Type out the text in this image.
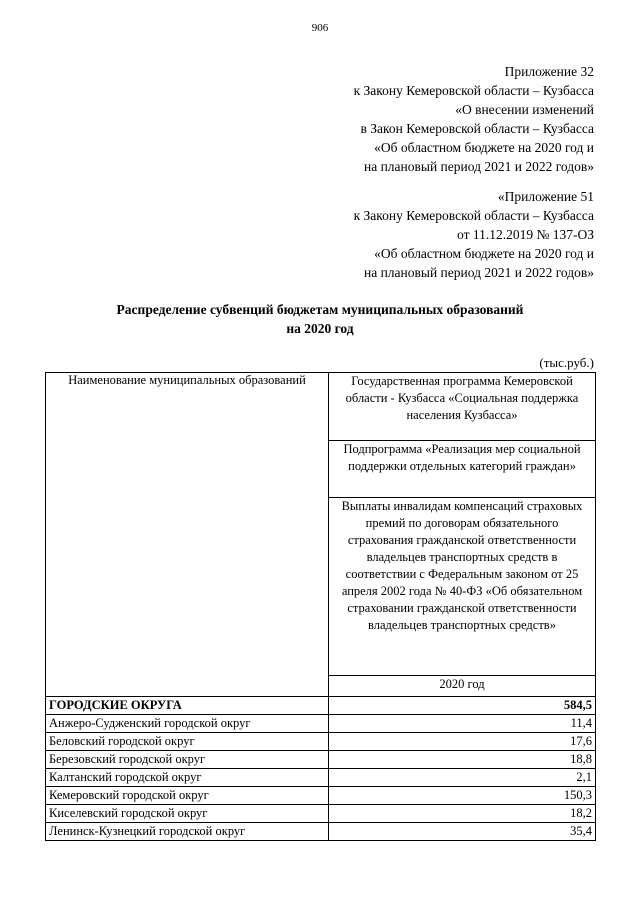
906
Приложение 32
к Закону Кемеровской области – Кузбасса
«О внесении изменений
в Закон Кемеровской области – Кузбасса
«Об областном бюджете на 2020 год и
на плановый период 2021 и 2022 годов»
«Приложение 51
к Закону Кемеровской области – Кузбасса
от 11.12.2019 № 137-ОЗ
«Об областном бюджете на 2020 год и
на плановый период 2021 и 2022 годов»
Распределение субвенций бюджетам муниципальных образований
на 2020 год
(тыс.руб.)
Наименование муниципальных образований	Государственная программа Кемеровской области - Кузбасса «Социальная поддержка населения Кузбасса»
	Подпрограмма «Реализация мер социальной поддержки отдельных категорий граждан»
	Выплаты инвалидам компенсаций страховых премий по договорам обязательного страхования гражданской ответственности владельцев транспортных средств в соответствии с Федеральным законом от 25 апреля 2002 года № 40-ФЗ «Об обязательном страховании гражданской ответственности владельцев транспортных средств»
	2020 год
ГОРОДСКИЕ ОКРУГА	584,5
Анжеро-Судженский городской округ	11,4
Беловский городской округ	17,6
Березовский городской округ	18,8
Калтанский городской округ	2,1
Кемеровский городской округ	150,3
Киселевский городской округ	18,2
Ленинск-Кузнецкий городской округ	35,4
